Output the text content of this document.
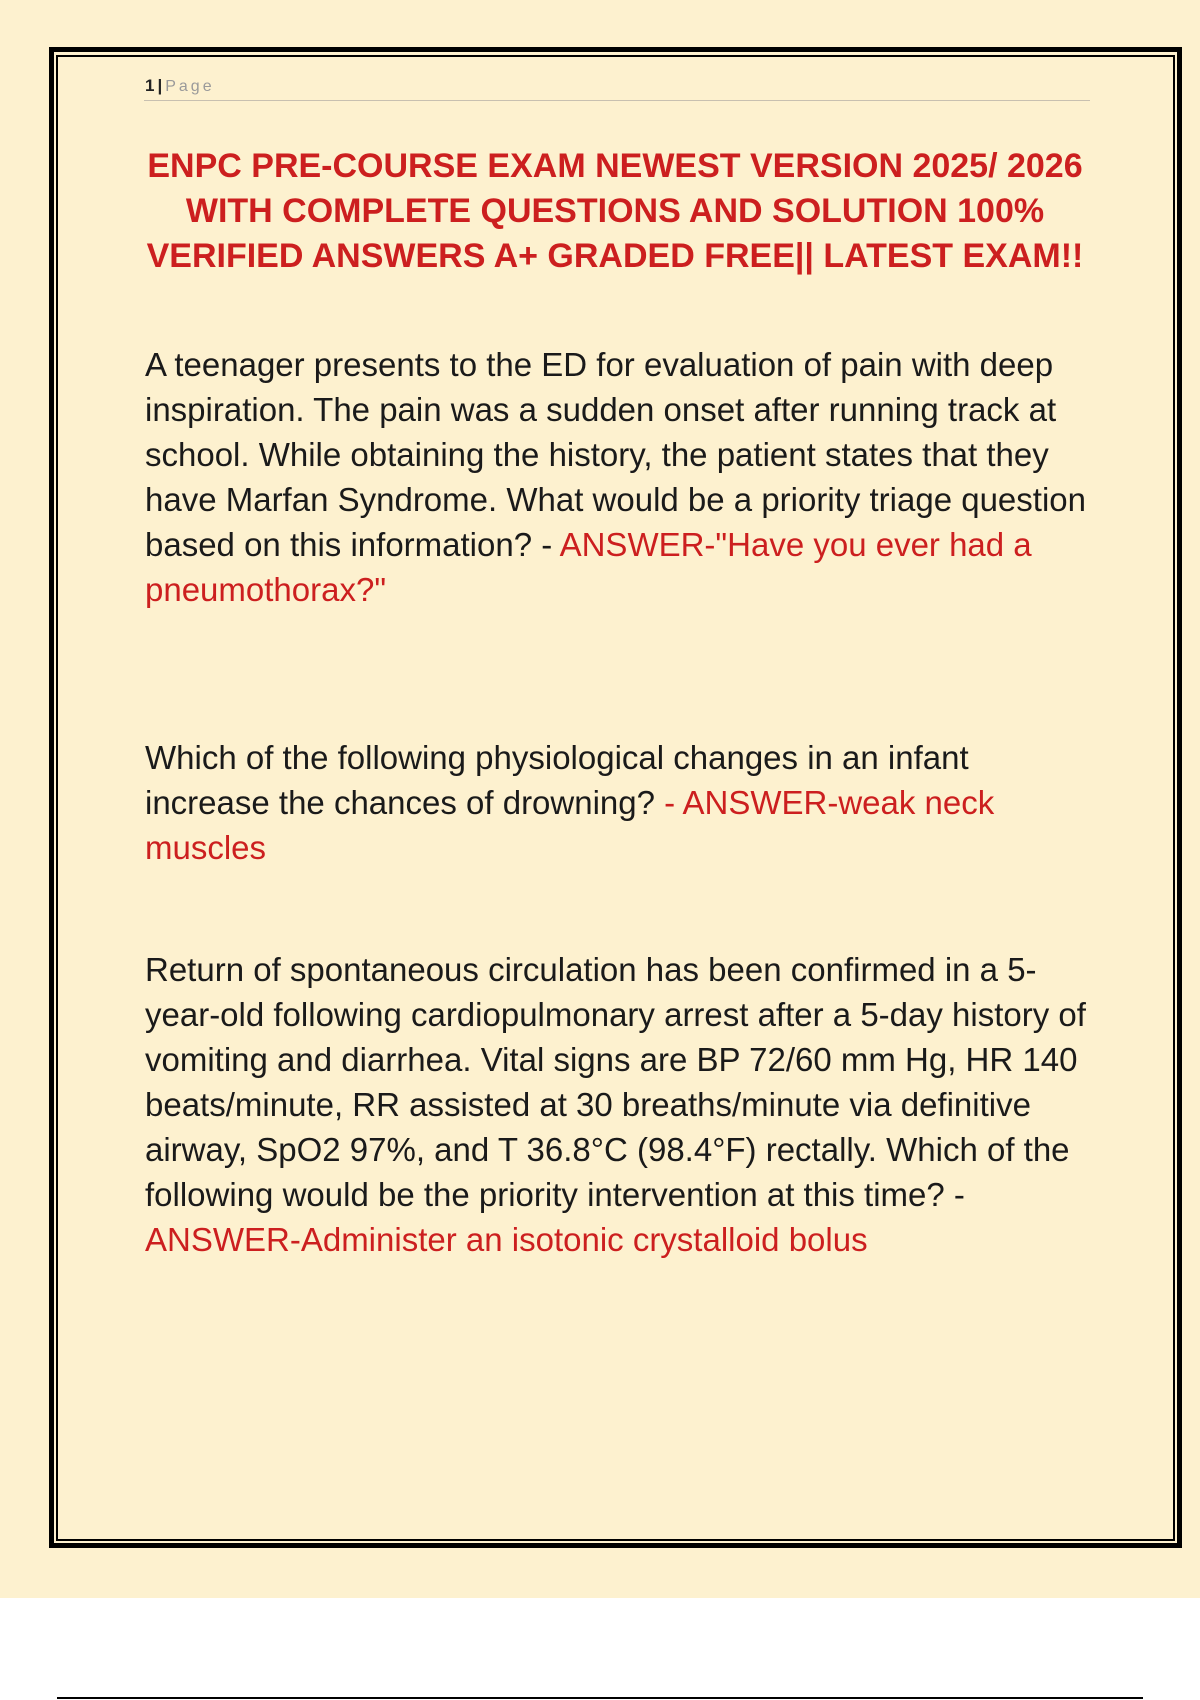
1 | Page
ENPC PRE-COURSE EXAM NEWEST VERSION 2025/ 2026 WITH COMPLETE QUESTIONS AND SOLUTION 100% VERIFIED ANSWERS A+ GRADED FREE|| LATEST EXAM!!

A teenager presents to the ED for evaluation of pain with deep inspiration. The pain was a sudden onset after running track at school. While obtaining the history, the patient states that they have Marfan Syndrome. What would be a priority triage question based on this information? - ANSWER-"Have you ever had a pneumothorax?"

Which of the following physiological changes in an infant increase the chances of drowning? - ANSWER-weak neck muscles

Return of spontaneous circulation has been confirmed in a 5-year-old following cardiopulmonary arrest after a 5-day history of vomiting and diarrhea. Vital signs are BP 72/60 mm Hg, HR 140 beats/minute, RR assisted at 30 breaths/minute via definitive airway, SpO2 97%, and T 36.8°C (98.4°F) rectally. Which of the following would be the priority intervention at this time? - ANSWER-Administer an isotonic crystalloid bolus
